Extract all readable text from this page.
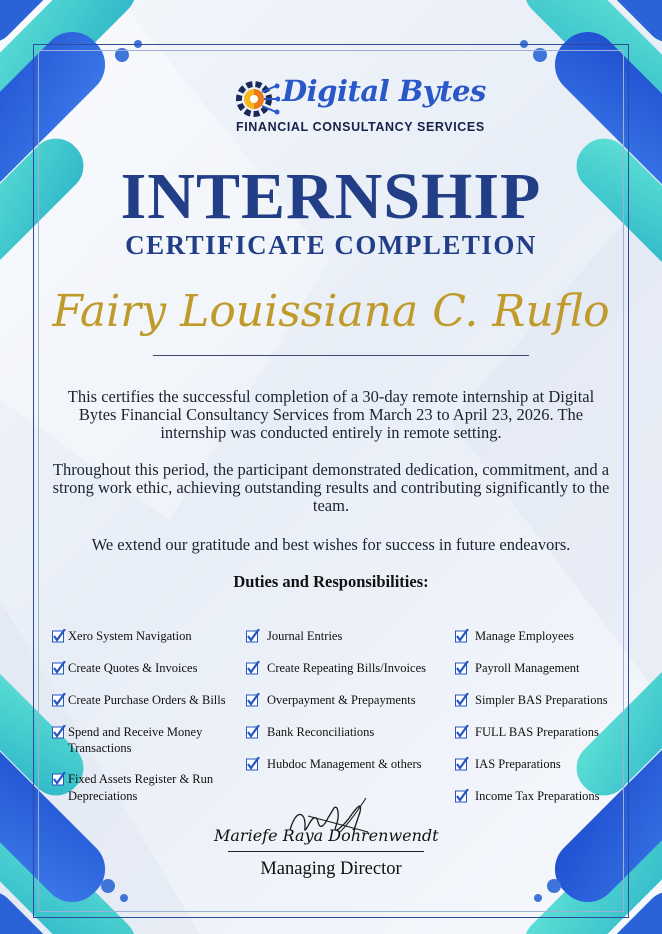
Digital Bytes
FINANCIAL CONSULTANCY SERVICES
INTERNSHIP
CERTIFICATE COMPLETION
Fairy Louissiana C. Ruflo
This certifies the successful completion of a 30-day remote internship at Digital Bytes Financial Consultancy Services from March 23 to April 23, 2026. The internship was conducted entirely in remote setting.
Throughout this period, the participant demonstrated dedication, commitment, and a strong work ethic, achieving outstanding results and contributing significantly to the team.
We extend our gratitude and best wishes for success in future endeavors.
Duties and Responsibilities:
Xero System Navigation
Create Quotes & Invoices
Create Purchase Orders & Bills
Spend and Receive Money
Transactions
Fixed Assets Register & Run
Depreciations
Journal Entries
Create Repeating Bills/Invoices
Overpayment & Prepayments
Bank Reconciliations
Hubdoc Management & others
Manage Employees
Payroll Management
Simpler BAS Preparations
FULL BAS Preparations
IAS Preparations
Income Tax Preparations
Mariefe Raya Dohrenwendt
Managing Director
